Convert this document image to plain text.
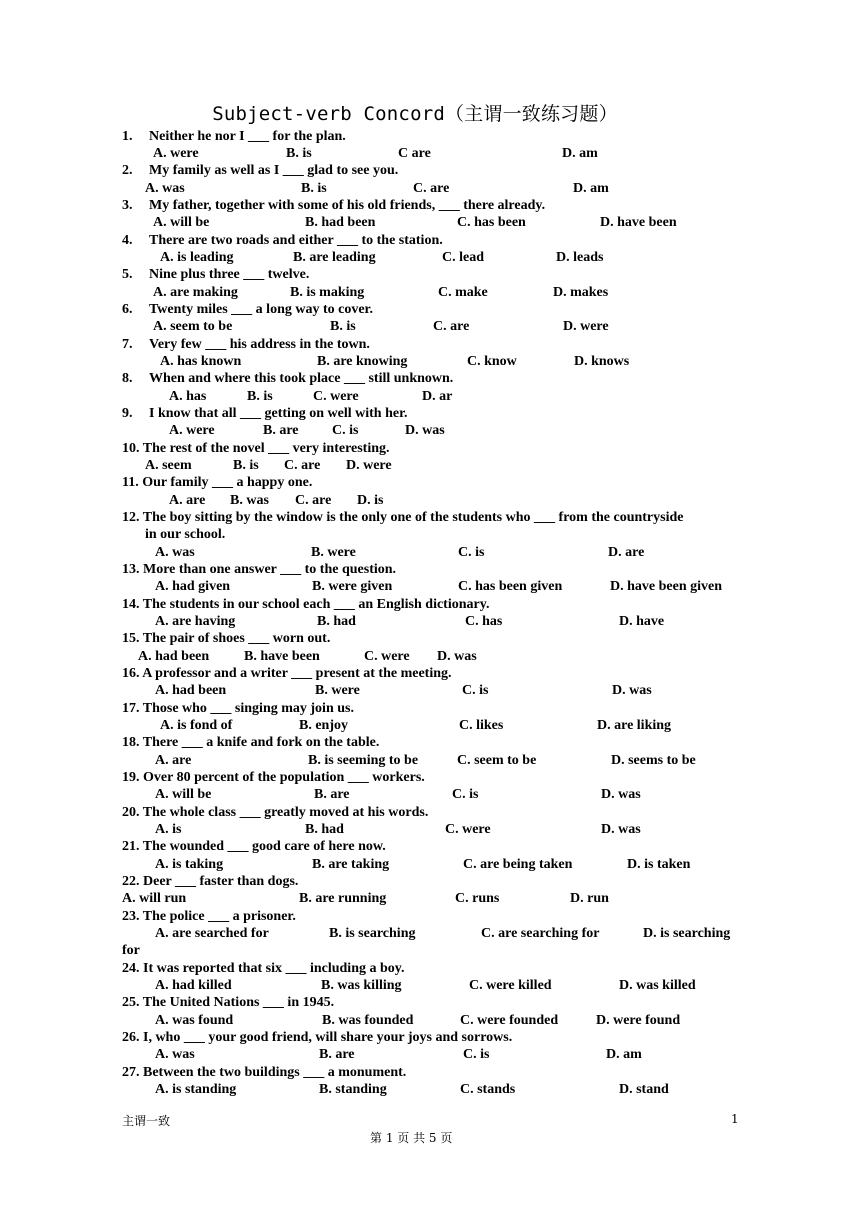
Subject-verb Concord（主谓一致练习题）
1. Neither he nor I ___ for the plan.
A. were	B. is	C are	D. am
2. My family as well as I ___ glad to see you.
A. was	B. is	C. are	D. am
3. My father, together with some of his old friends, ___ there already.
A. will be	B. had been	C. has been	D. have been
4. There are two roads and either ___ to the station.
A. is leading	B. are leading	C. lead	D. leads
5. Nine plus three ___ twelve.
A. are making	B. is making	C. make	D. makes
6. Twenty miles ___ a long way to cover.
A. seem to be	B. is	C. are	D. were
7. Very few ___ his address in the town.
A. has known	B. are knowing	C. know	D. knows
8. When and where this took place ___ still unknown.
A. has	B. is	C. were	D. ar
9. I know that all ___ getting on well with her.
A. were	B. are C. is	D. was
10. The rest of the novel ___ very interesting.
A. seem	B. is C. are D. were
11. Our family ___ a happy one.
A. are B. was C. are D. is
12. The boy sitting by the window is the only one of the students who ___ from the countryside
in our school.
A. was	B. were	C. is	D. are
13. More than one answer ___ to the question.
A. had given	B. were given	C. has been given	D. have been given
14. The students in our school each ___ an English dictionary.
A. are having	B. had	C. has	D. have
15. The pair of shoes ___ worn out.
A. had been B. have been	C. were D. was
16. A professor and a writer ___ present at the meeting.
A. had been	B. were	C. is	D. was
17. Those who ___ singing may join us.
A. is fond of	B. enjoy	C. likes	D. are liking
18. There ___ a knife and fork on the table.
A. are	B. is seeming to be	C. seem to be	D. seems to be
19. Over 80 percent of the population ___ workers.
A. will be	B. are	C. is	D. was
20. The whole class ___ greatly moved at his words.
A. is	B. had	C. were	D. was
21. The wounded ___ good care of here now.
A. is taking	B. are taking	C. are being taken	D. is taken
22. Deer ___ faster than dogs.
A. will run	B. are running	C. runs	D. run
23. The police ___ a prisoner.
A. are searched for	B. is searching	C. are searching for	D. is searching
for
24. It was reported that six ___ including a boy.
A. had killed	B. was killing	C. were killed	D. was killed
25. The United Nations ___ in 1945.
A. was found	B. was founded	C. were founded	D. were found
26. I, who ___ your good friend, will share your joys and sorrows.
A. was	B. are	C. is	D. am
27. Between the two buildings ___ a monument.
A. is standing	B. standing	C. stands	D. stand
主谓一致	1
第 1 页 共 5 页
